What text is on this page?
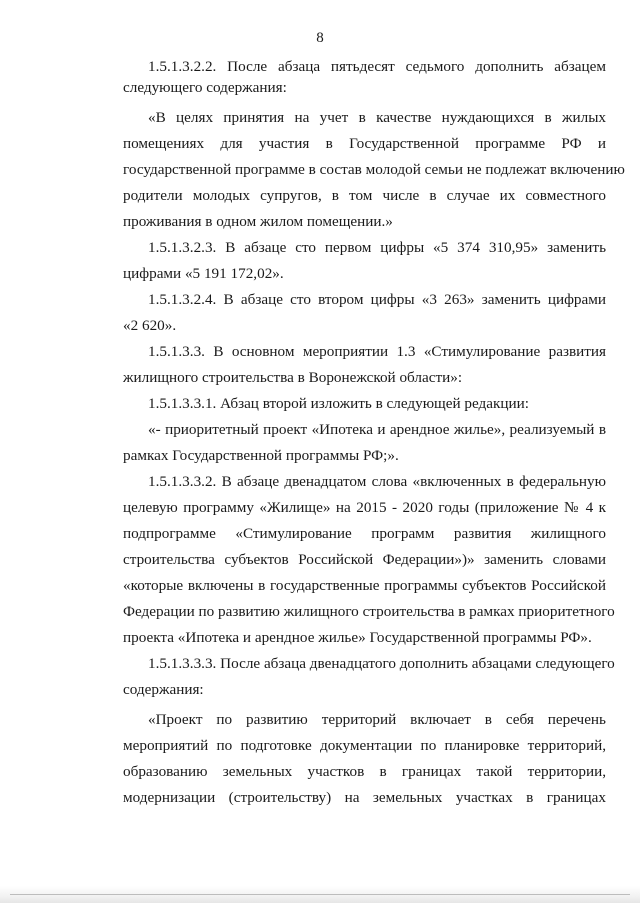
8
1.5.1.3.2.2. После абзаца пятьдесят седьмого дополнить абзацем
следующего содержания:
«В целях принятия на учет в качестве нуждающихся в жилых
помещениях для участия в Государственной программе РФ и
государственной программе в состав молодой семьи не подлежат включению
родители молодых супругов, в том числе в случае их совместного
проживания в одном жилом помещении.»
1.5.1.3.2.3. В абзаце сто первом цифры «5 374 310,95» заменить
цифрами «5 191 172,02».
1.5.1.3.2.4. В абзаце сто втором цифры «3 263» заменить цифрами
«2 620».
1.5.1.3.3. В основном мероприятии 1.3 «Стимулирование развития
жилищного строительства в Воронежской области»:
1.5.1.3.3.1. Абзац второй изложить в следующей редакции:
«- приоритетный проект «Ипотека и арендное жилье», реализуемый в
рамках Государственной программы РФ;».
1.5.1.3.3.2. В абзаце двенадцатом слова «включенных в федеральную
целевую программу «Жилище» на 2015 - 2020 годы (приложение № 4 к
подпрограмме «Стимулирование программ развития жилищного
строительства субъектов Российской Федерации»)» заменить словами
«которые включены в государственные программы субъектов Российской
Федерации по развитию жилищного строительства в рамках приоритетного
проекта «Ипотека и арендное жилье» Государственной программы РФ».
1.5.1.3.3.3. После абзаца двенадцатого дополнить абзацами следующего
содержания:
«Проект по развитию территорий включает в себя перечень
мероприятий по подготовке документации по планировке территорий,
образованию земельных участков в границах такой территории,
модернизации (строительству) на земельных участках в границах
